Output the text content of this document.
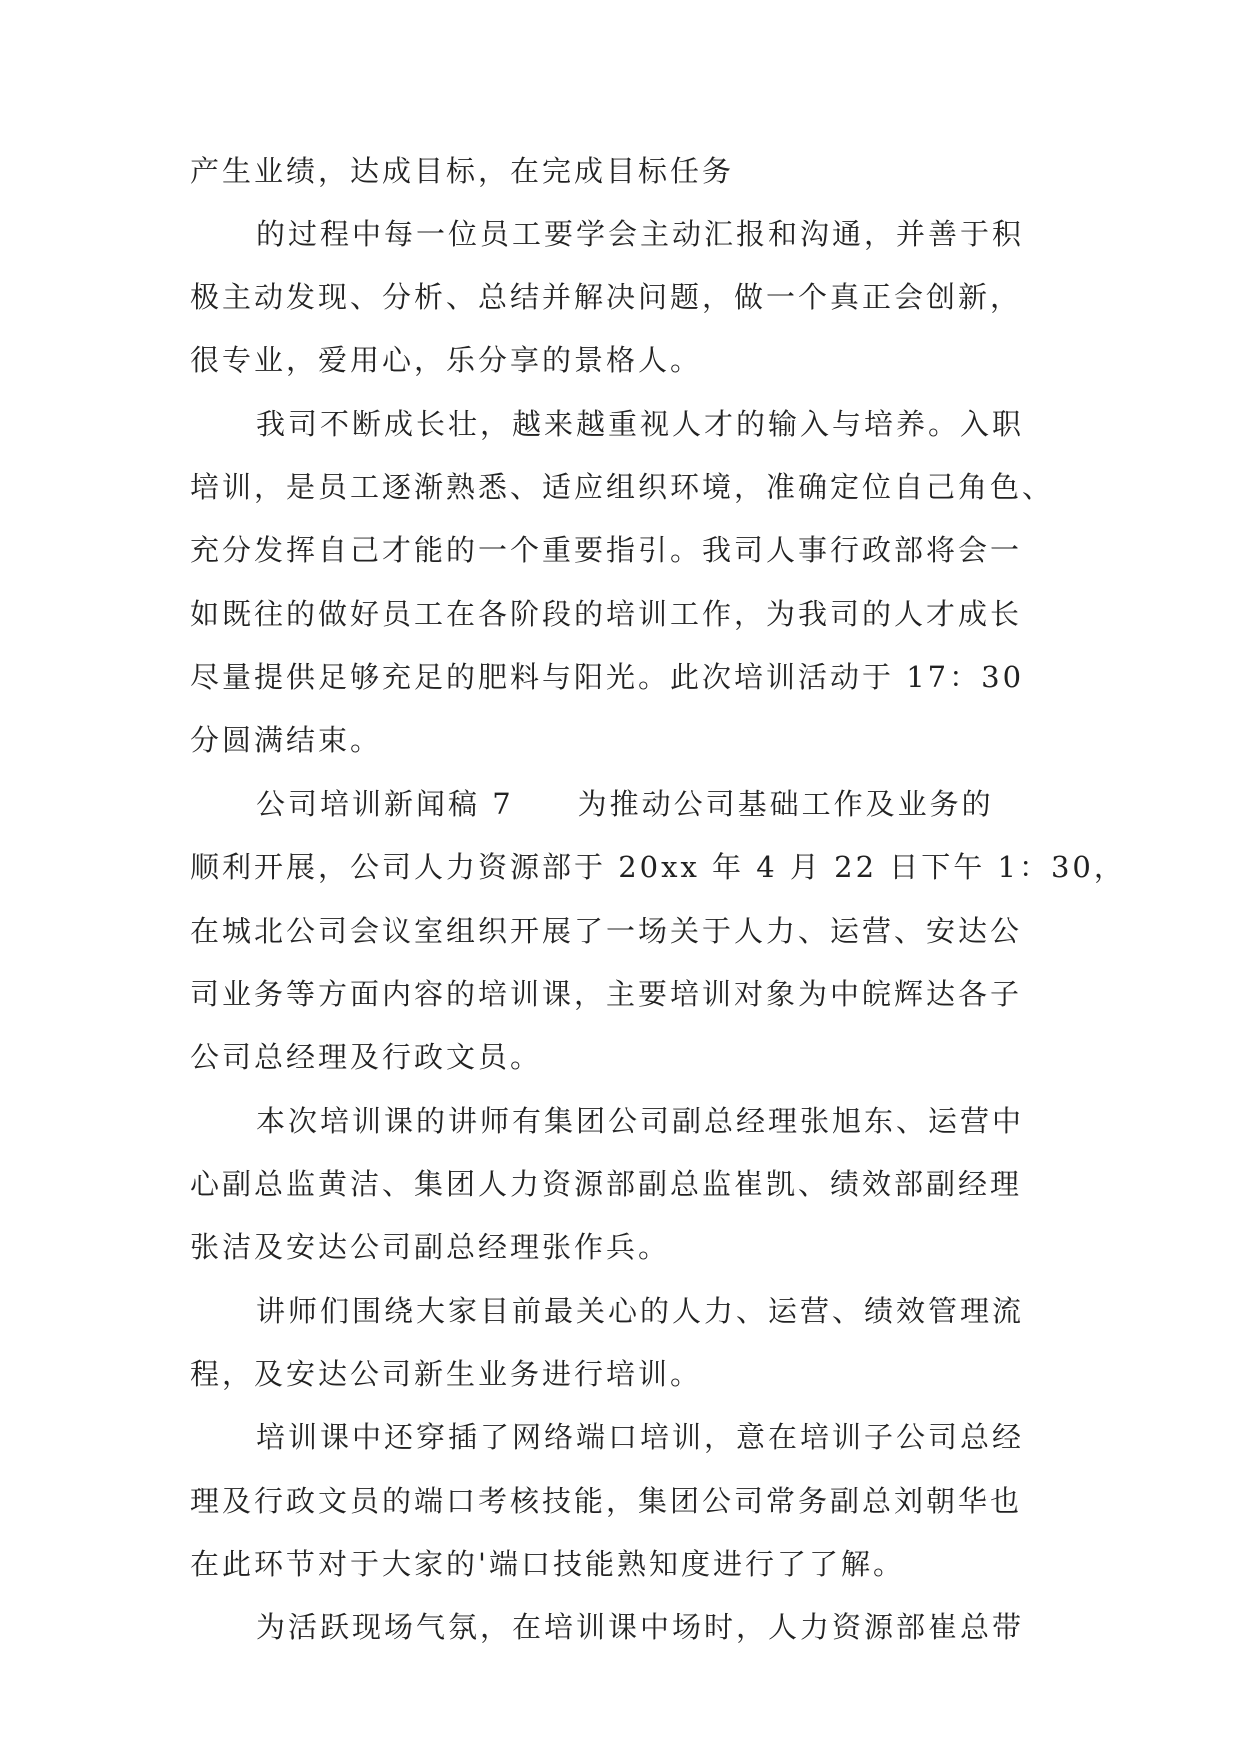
产生业绩，达成目标，在完成目标任务
的过程中每一位员工要学会主动汇报和沟通，并善于积
极主动发现、分析、总结并解决问题，做一个真正会创新，
很专业，爱用心，乐分享的景格人。
我司不断成长壮，越来越重视人才的输入与培养。入职
培训，是员工逐渐熟悉、适应组织环境，准确定位自己角色、
充分发挥自己才能的一个重要指引。我司人事行政部将会一
如既往的做好员工在各阶段的培训工作，为我司的人才成长
尽量提供足够充足的肥料与阳光。此次培训活动于 17：30
分圆满结束。
公司培训新闻稿 7　　为推动公司基础工作及业务的
顺利开展，公司人力资源部于 20xx 年 4 月 22 日下午 1：30，
在城北公司会议室组织开展了一场关于人力、运营、安达公
司业务等方面内容的培训课，主要培训对象为中皖辉达各子
公司总经理及行政文员。
本次培训课的讲师有集团公司副总经理张旭东、运营中
心副总监黄洁、集团人力资源部副总监崔凯、绩效部副经理
张洁及安达公司副总经理张作兵。
讲师们围绕大家目前最关心的人力、运营、绩效管理流
程，及安达公司新生业务进行培训。
培训课中还穿插了网络端口培训，意在培训子公司总经
理及行政文员的端口考核技能，集团公司常务副总刘朝华也
在此环节对于大家的'端口技能熟知度进行了了解。
为活跃现场气氛，在培训课中场时，人力资源部崔总带
